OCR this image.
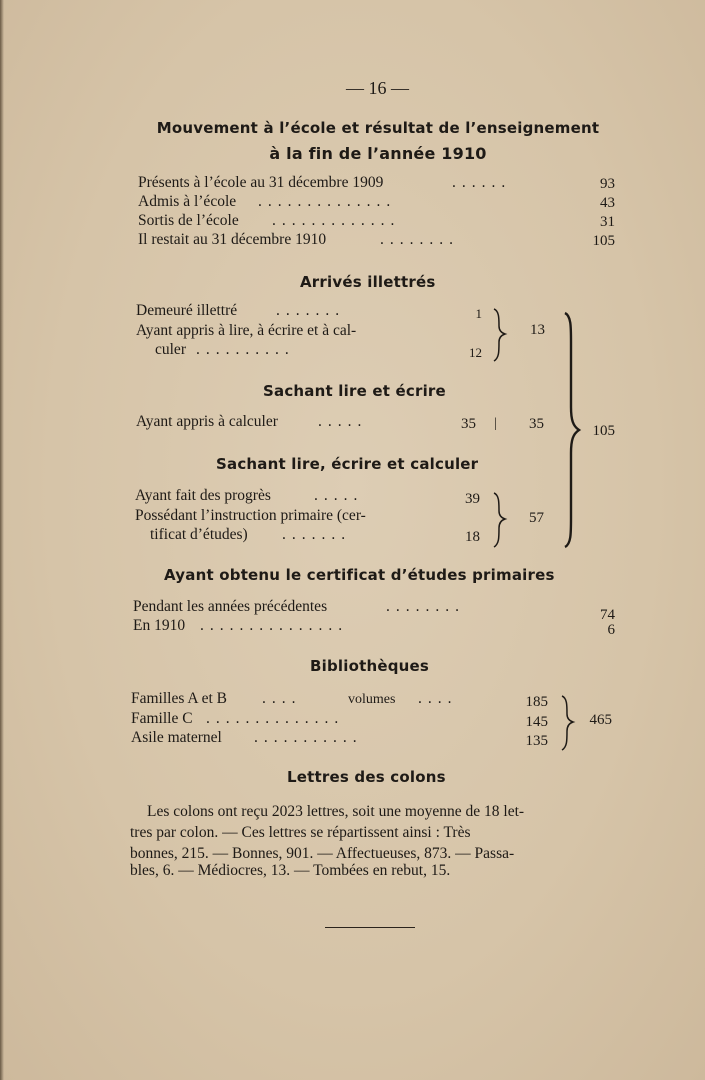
— 16 —
Mouvement à l’école et résultat de l’enseignement
à la fin de l’année 1910
Présents à l’école au 31 décembre 1909	......	93
Admis à l’école ..............	43
Sortis de l’école .............	31
Il restait au 31 décembre 1910	........	105
Arrivés illettrés
Demeuré illettré	.......	1
Ayant appris à lire, à écrire et à cal-
culer ..........	12
13
Sachant lire et écrire
Ayant appris à calculer	.....	35 |	35
Sachant lire, écrire et calculer
Ayant fait des progrès	.....	39
Possédant l’instruction primaire (cer-
tificat d’études) .......	18
57
105
Ayant obtenu le certificat d’études primaires
Pendant les années précédentes	........	74
En 1910 ...............	6
Bibliothèques
Familles A et B ....	volumes ....	185
Famille C ..............	145
Asile maternel ...........	135
465
Lettres des colons
Les colons ont reçu 2023 lettres, soit une moyenne de 18 let-
tres par colon. — Ces lettres se répartissent ainsi : Très
bonnes, 215. — Bonnes, 901. — Affectueuses, 873. — Passa-
bles, 6. — Médiocres, 13. — Tombées en rebut, 15.
